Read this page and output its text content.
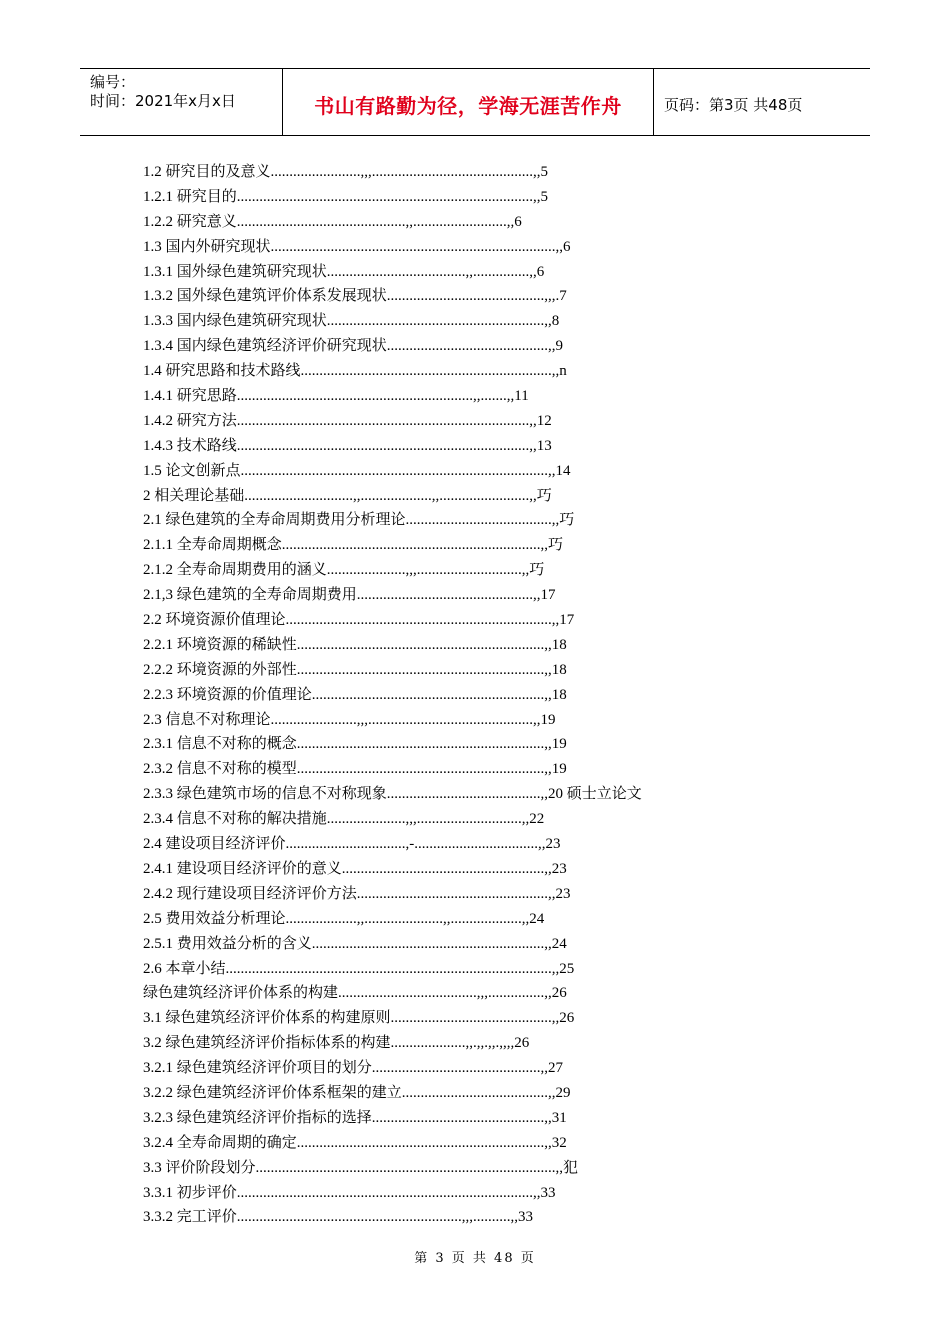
编号：
时间：2021年x月x日	书山有路勤为径，学海无涯苦作舟	页码：第3页 共48页
1.2 研究目的及意义........................,,,...........................................,,5
1.2.1 研究目的...............................................................................,,5
1.2.2 研究意义.............................................,,.........................,,6
1.3 国内外研究现状............................................................................,,6
1.3.1 国外绿色建筑研究现状.....................................,,...............,,6
1.3.2 国外绿色建筑评价体系发展现状..........................................,,,.7
1.3.3 国内绿色建筑研究现状..........................................................,,8
1.3.4 国内绿色建筑经济评价研究现状...........................................,,9
1.4 研究思路和技术路线...................................................................,,n
1.4.1 研究思路...............................................................,,.......,,11
1.4.2 研究方法..............................................................................,,12
1.4.3 技术路线..............................................................................,,13
1.5 论文创新点..................................................................................,,14
2 相关理论基础.............................,,...................,,........................,,巧
2.1 绿色建筑的全寿命周期费用分析理论.......................................,,巧
2.1.1 全寿命周期概念.....................................................................,,巧
2.1.2 全寿命周期费用的涵义.....................,,,............................,,巧
2.1,3 绿色建筑的全寿命周期费用...............................................,,17
2.2 环境资源价值理论.......................................................................,,17
2.2.1 环境资源的稀缺性..................................................................,,18
2.2.2 环境资源的外部性..................................................................,,18
2.2.3 环境资源的价值理论..............................................................,,18
2.3 信息不对称理论.......................,,,............................................,,19
2.3.1 信息不对称的概念..................................................................,,19
2.3.2 信息不对称的模型..................................................................,,19
2.3.3 绿色建筑市场的信息不对称现象.........................................,,20 硕士立论文
2.3.4 信息不对称的解决措施.....................,,,............................,,22
2.4 建设项目经济评价................................,-.................................,,23
2.4.1 建设项目经济评价的意义......................................................,,23
2.4.2 现行建设项目经济评价方法...................................................,,23
2.5 费用效益分析理论...................,,.....................,,...................,,24
2.5.1 费用效益分析的含义..............................................................,,24
2.6 本章小结.......................................................................................,,25
绿色建筑经济评价体系的构建.....................................,,,...............,,26
3.1 绿色建筑经济评价体系的构建原则...........................................,,26
3.2 绿色建筑经济评价指标体系的构建....................,,.,,.,,.,,,,26
3.2.1 绿色建筑经济评价项目的划分.............................................,,27
3.2.2 绿色建筑经济评价体系框架的建立.......................................,,29
3.2.3 绿色建筑经济评价指标的选择..............................................,,31
3.2.4 全寿命周期的确定..................................................................,,32
3.3 评价阶段划分................................................................................,,犯
3.3.1 初步评价...............................................................................,,33
3.3.2 完工评价............................................................,,,..........,,33
第 3 页 共 48 页
